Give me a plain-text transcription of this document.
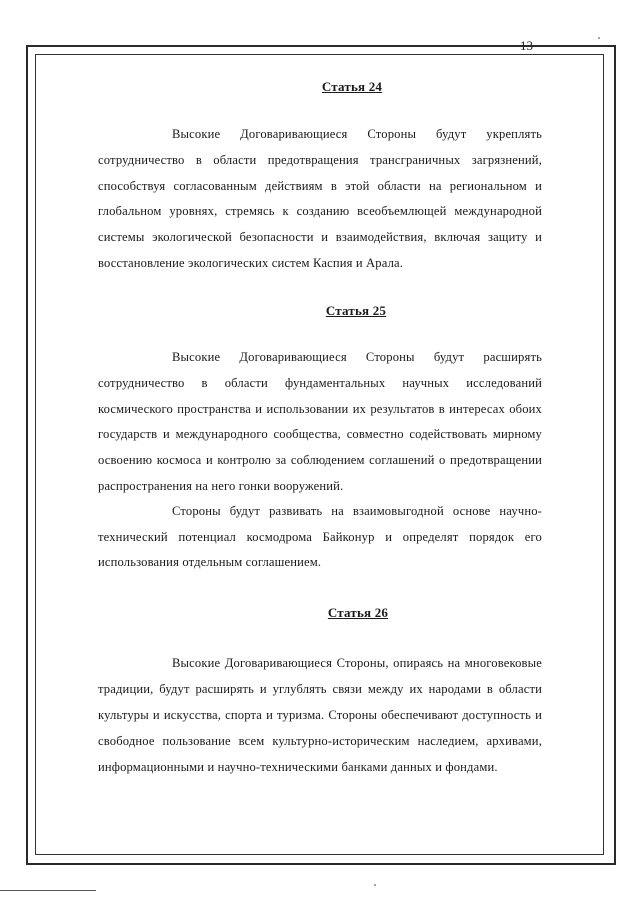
13
Статья 24

Высокие Договаривающиеся Стороны будут укреплять сотрудничество в области предотвращения трансграничных загрязнений, способствуя согласованным действиям в этой области на региональном и глобальном уровнях, стремясь к созданию всеобъемлющей международной системы экологической безопасности и взаимодействия, включая защиту и восстановление экологических систем Каспия и Арала.

Статья 25

Высокие Договаривающиеся Стороны будут расширять сотрудничество в области фундаментальных научных исследований космического пространства и использовании их результатов в интересах обоих государств и международного сообщества, совместно содействовать мирному освоению космоса и контролю за соблюдением соглашений о предотвращении распространения на него гонки вооружений.

Стороны будут развивать на взаимовыгодной основе научно-технический потенциал космодрома Байконур и определят порядок его использования отдельным соглашением.

Статья 26

Высокие Договаривающиеся Стороны, опираясь на многовековые традиции, будут расширять и углублять связи между их народами в области культуры и искусства, спорта и туризма. Стороны обеспечивают доступность и свободное пользование всем культурно-историческим наследием, архивами, информационными и научно-техническими банками данных и фондами.
